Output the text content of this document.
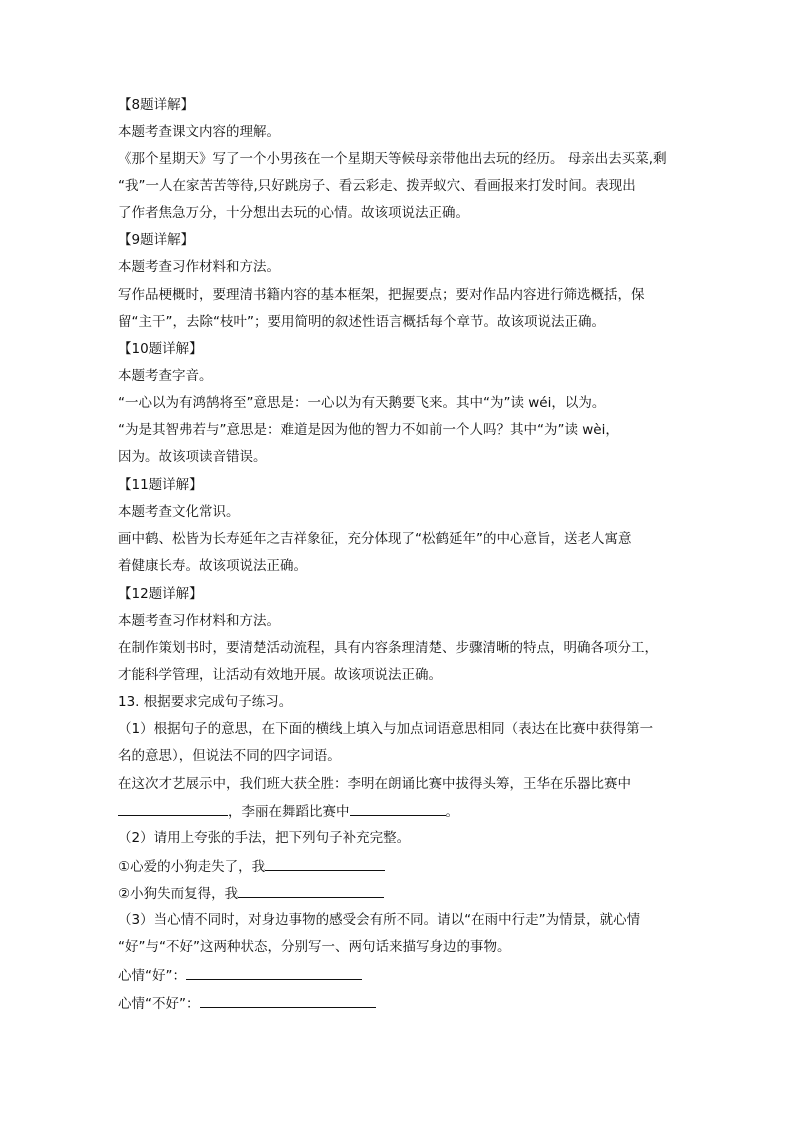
【8题详解】
本题考查课文内容的理解。
《那个星期天》写了一个小男孩在一个星期天等候母亲带他出去玩的经历。 母亲出去买菜,剩
“我”一人在家苦苦等待,只好跳房子、看云彩走、拨弄蚁穴、看画报来打发时间。表现出
了作者焦急万分，十分想出去玩的心情。故该项说法正确。
【9题详解】
本题考查习作材料和方法。
写作品梗概时，要理清书籍内容的基本框架，把握要点；要对作品内容进行筛选概括，保
留“主干”，去除“枝叶”；要用简明的叙述性语言概括每个章节。故该项说法正确。
【10题详解】
本题考查字音。
“一心以为有鸿鹄将至”意思是：一心以为有天鹅要飞来。其中“为”读 wéi，以为。
“为是其智弗若与”意思是：难道是因为他的智力不如前一个人吗？其中“为”读 wèi，
因为。故该项读音错误。
【11题详解】
本题考查文化常识。
画中鹤、松皆为长寿延年之吉祥象征，充分体现了“松鹤延年”的中心意旨，送老人寓意
着健康长寿。故该项说法正确。
【12题详解】
本题考查习作材料和方法。
在制作策划书时，要清楚活动流程，具有内容条理清楚、步骤清晰的特点，明确各项分工，
才能科学管理，让活动有效地开展。故该项说法正确。
13. 根据要求完成句子练习。
（1）根据句子的意思，在下面的横线上填入与加点词语意思相同（表达在比赛中获得第一
名的意思），但说法不同的四字词语。
在这次才艺展示中，我们班大获全胜：李明在朗诵比赛中拔得头筹，王华在乐器比赛中
，李丽在舞蹈比赛中	。
（2）请用上夸张的手法，把下列句子补充完整。
①心爱的小狗走失了，我
②小狗失而复得，我
（3）当心情不同时，对身边事物的感受会有所不同。请以“在雨中行走”为情景，就心情
“好”与“不好”这两种状态，分别写一、两句话来描写身边的事物。
心情“好”：
心情“不好”：
